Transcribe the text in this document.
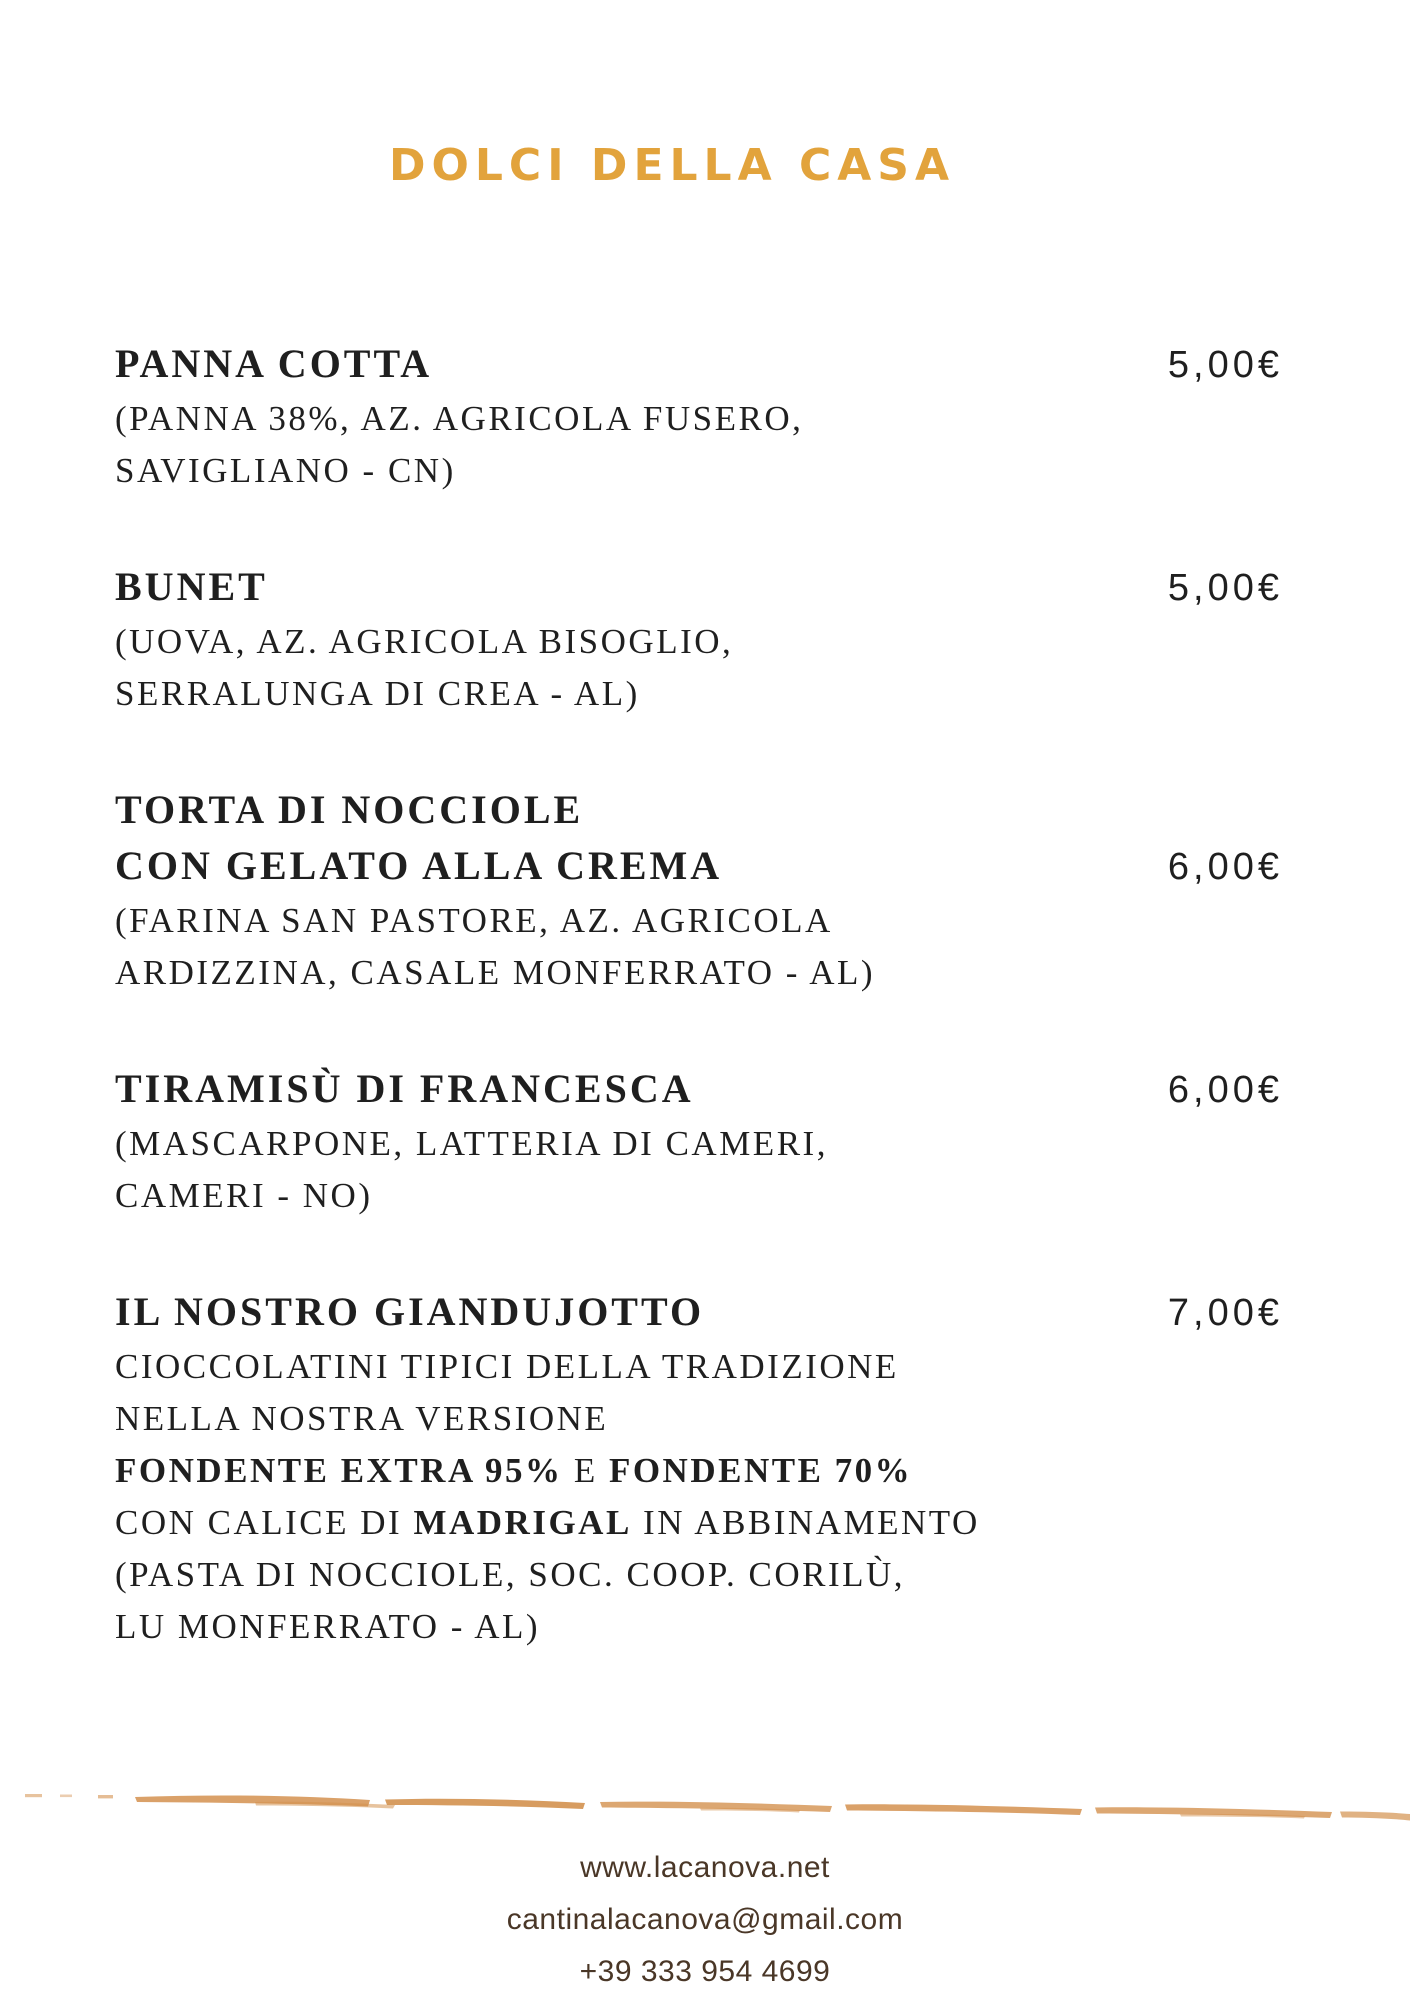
DOLCI DELLA CASA
PANNA COTTA	5,00€
(PANNA 38%, AZ. AGRICOLA FUSERO,
SAVIGLIANO - CN)
BUNET	5,00€
(UOVA, AZ. AGRICOLA BISOGLIO,
SERRALUNGA DI CREA - AL)
TORTA DI NOCCIOLE
CON GELATO ALLA CREMA	6,00€
(FARINA SAN PASTORE, AZ. AGRICOLA
ARDIZZINA, CASALE MONFERRATO - AL)
TIRAMISÙ DI FRANCESCA	6,00€
(MASCARPONE, LATTERIA DI CAMERI,
CAMERI - NO)
IL NOSTRO GIANDUJOTTO	7,00€
CIOCCOLATINI TIPICI DELLA TRADIZIONE
NELLA NOSTRA VERSIONE
FONDENTE EXTRA 95% E FONDENTE 70%
CON CALICE DI MADRIGAL IN ABBINAMENTO
(PASTA DI NOCCIOLE, SOC. COOP. CORILÙ,
LU MONFERRATO - AL)
www.lacanova.net
cantinalacanova@gmail.com
+39 333 954 4699
